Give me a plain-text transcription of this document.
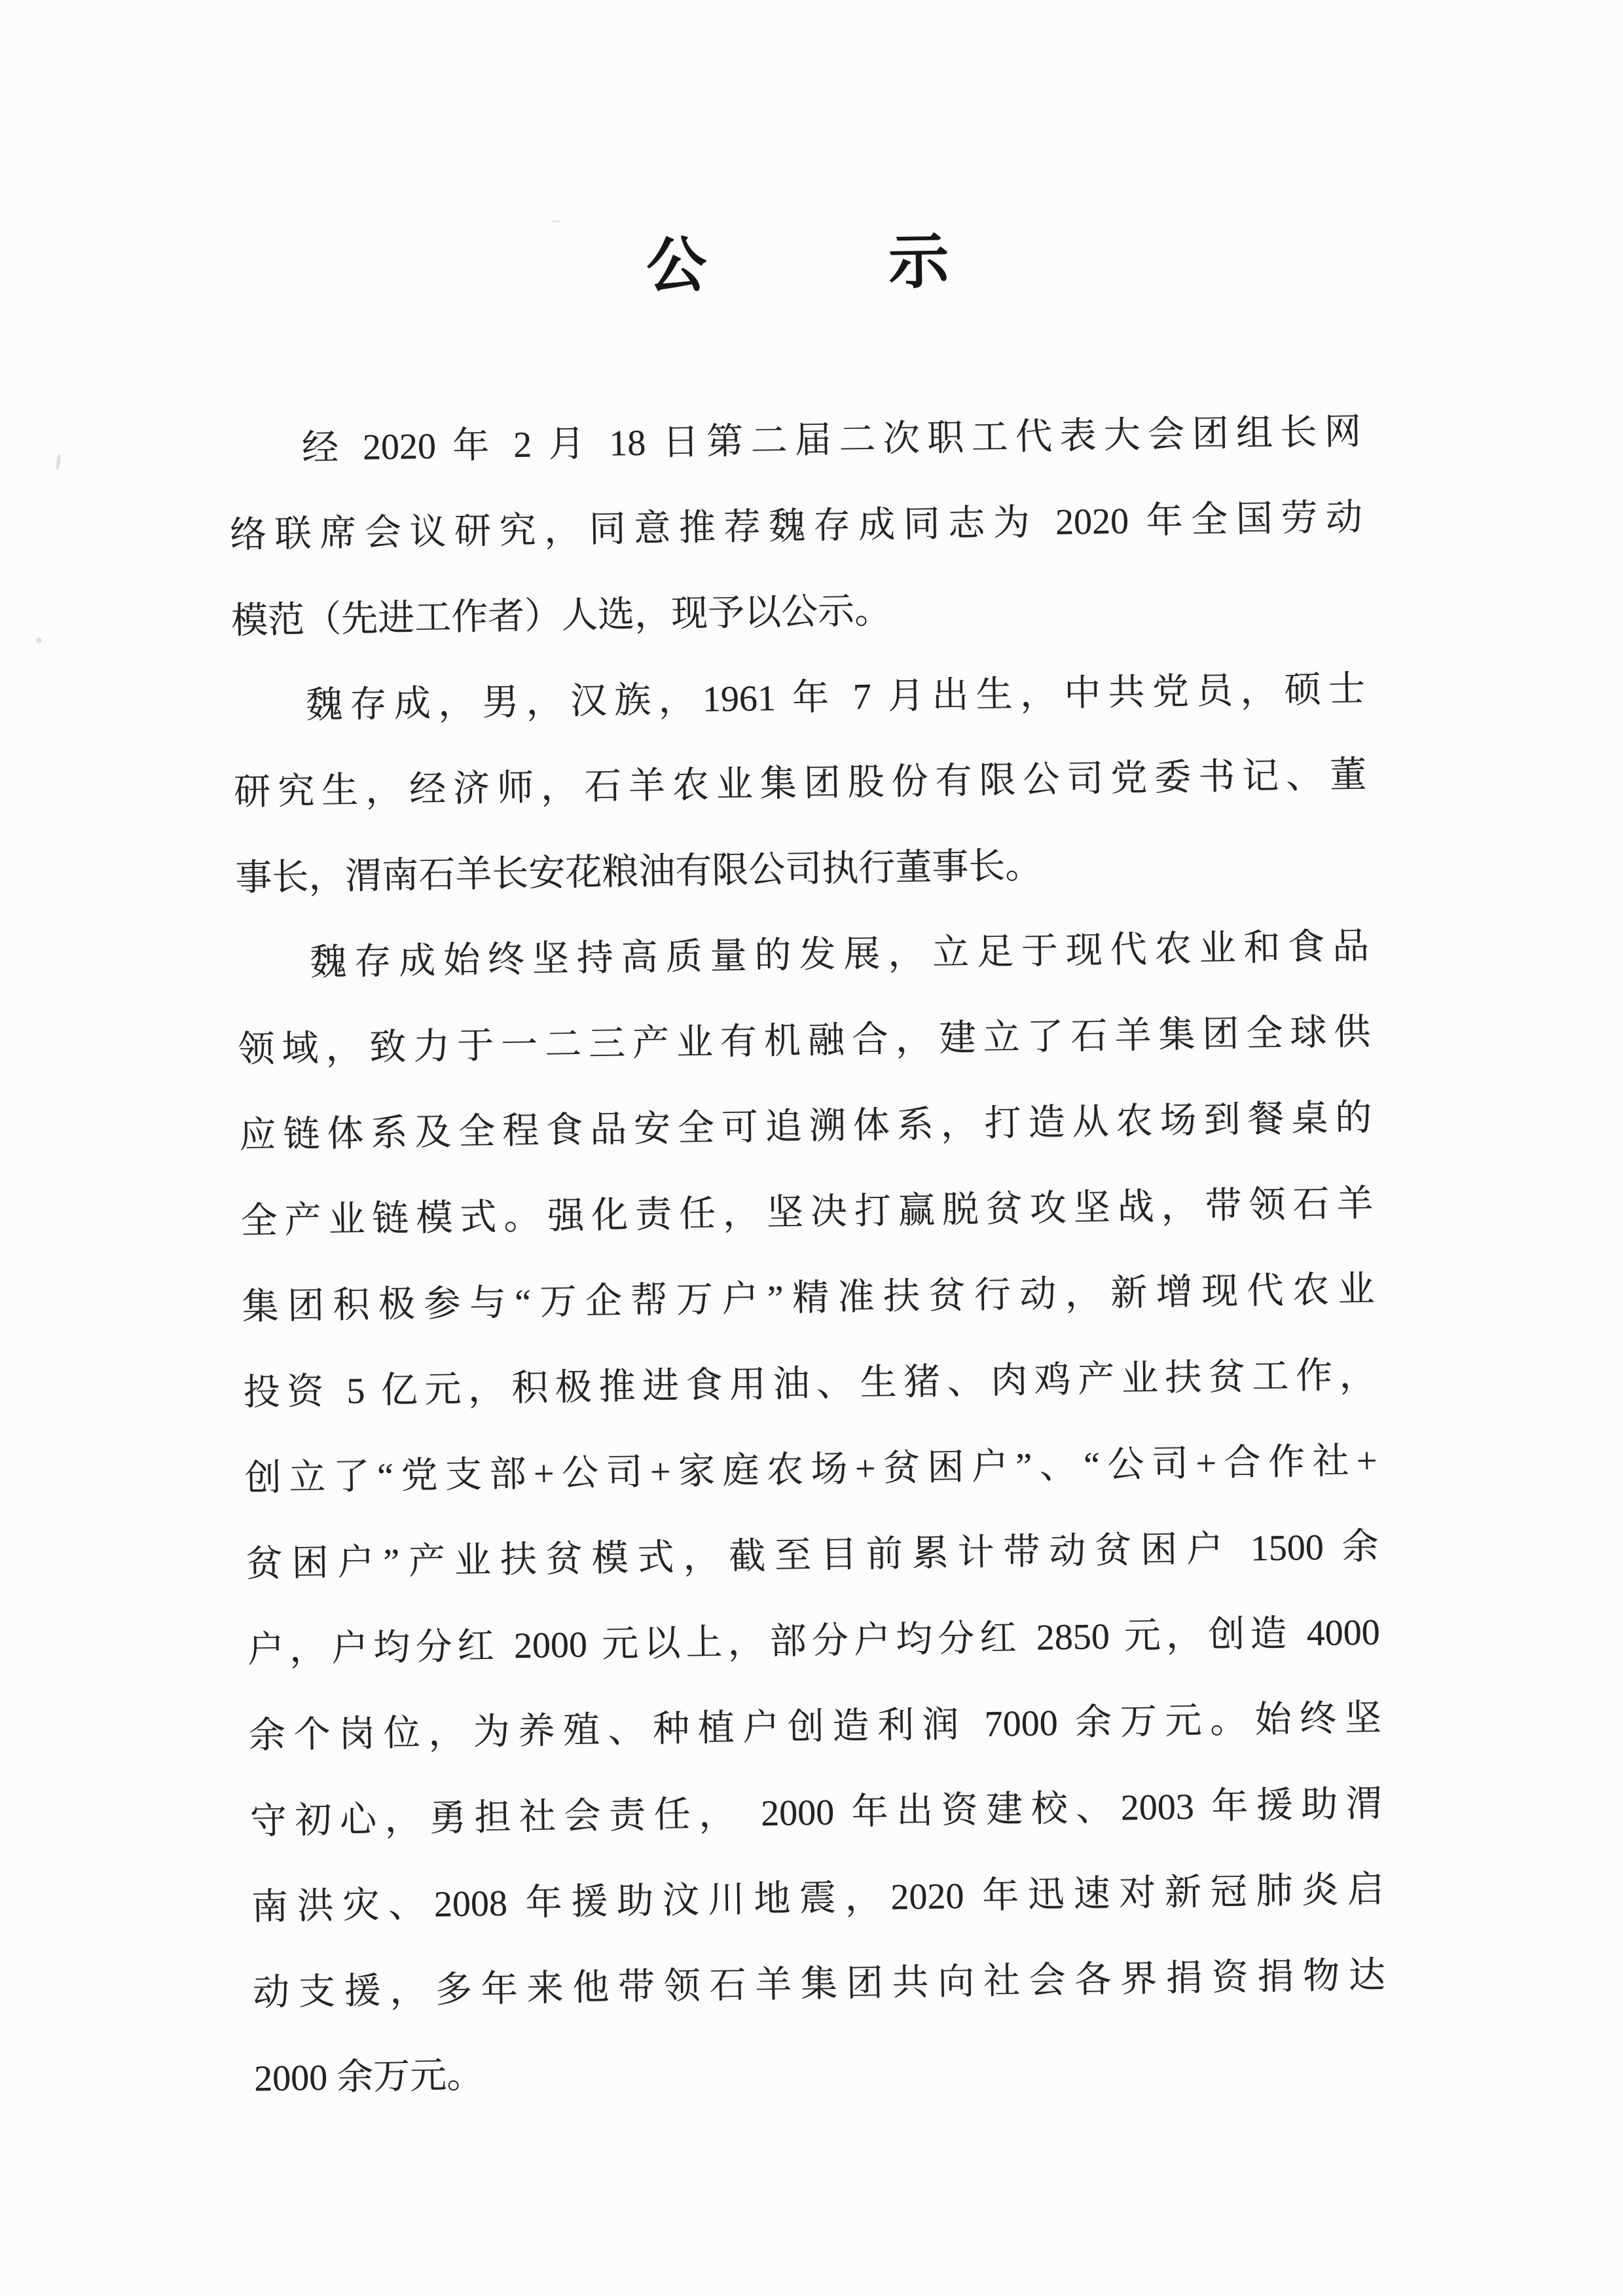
公	示
经 2020 年 2 月 18 日第二届二次职工代表大会团组长网
络联席会议研究，同意推荐魏存成同志为 2020 年全国劳动
模范（先进工作者）人选，现予以公示。
魏存成，男，汉族，1961 年 7 月出生，中共党员，硕士
研究生，经济师，石羊农业集团股份有限公司党委书记、董
事长，渭南石羊长安花粮油有限公司执行董事长。
魏存成始终坚持高质量的发展，立足于现代农业和食品
领域，致力于一二三产业有机融合，建立了石羊集团全球供
应链体系及全程食品安全可追溯体系，打造从农场到餐桌的
全产业链模式。强化责任，坚决打赢脱贫攻坚战，带领石羊
集团积极参与“万企帮万户”精准扶贫行动，新增现代农业
投资 5 亿元，积极推进食用油、生猪、肉鸡产业扶贫工作，
创立了“党支部+公司+家庭农场+贫困户”、“公司+合作社+
贫困户”产业扶贫模式，截至目前累计带动贫困户 1500 余
户，户均分红 2000 元以上，部分户均分红 2850 元，创造 4000
余个岗位，为养殖、种植户创造利润 7000 余万元。始终坚
守初心，勇担社会责任， 2000 年出资建校、2003 年援助渭
南洪灾、2008 年援助汶川地震，2020 年迅速对新冠肺炎启
动支援，多年来他带领石羊集团共向社会各界捐资捐物达
2000 余万元。
